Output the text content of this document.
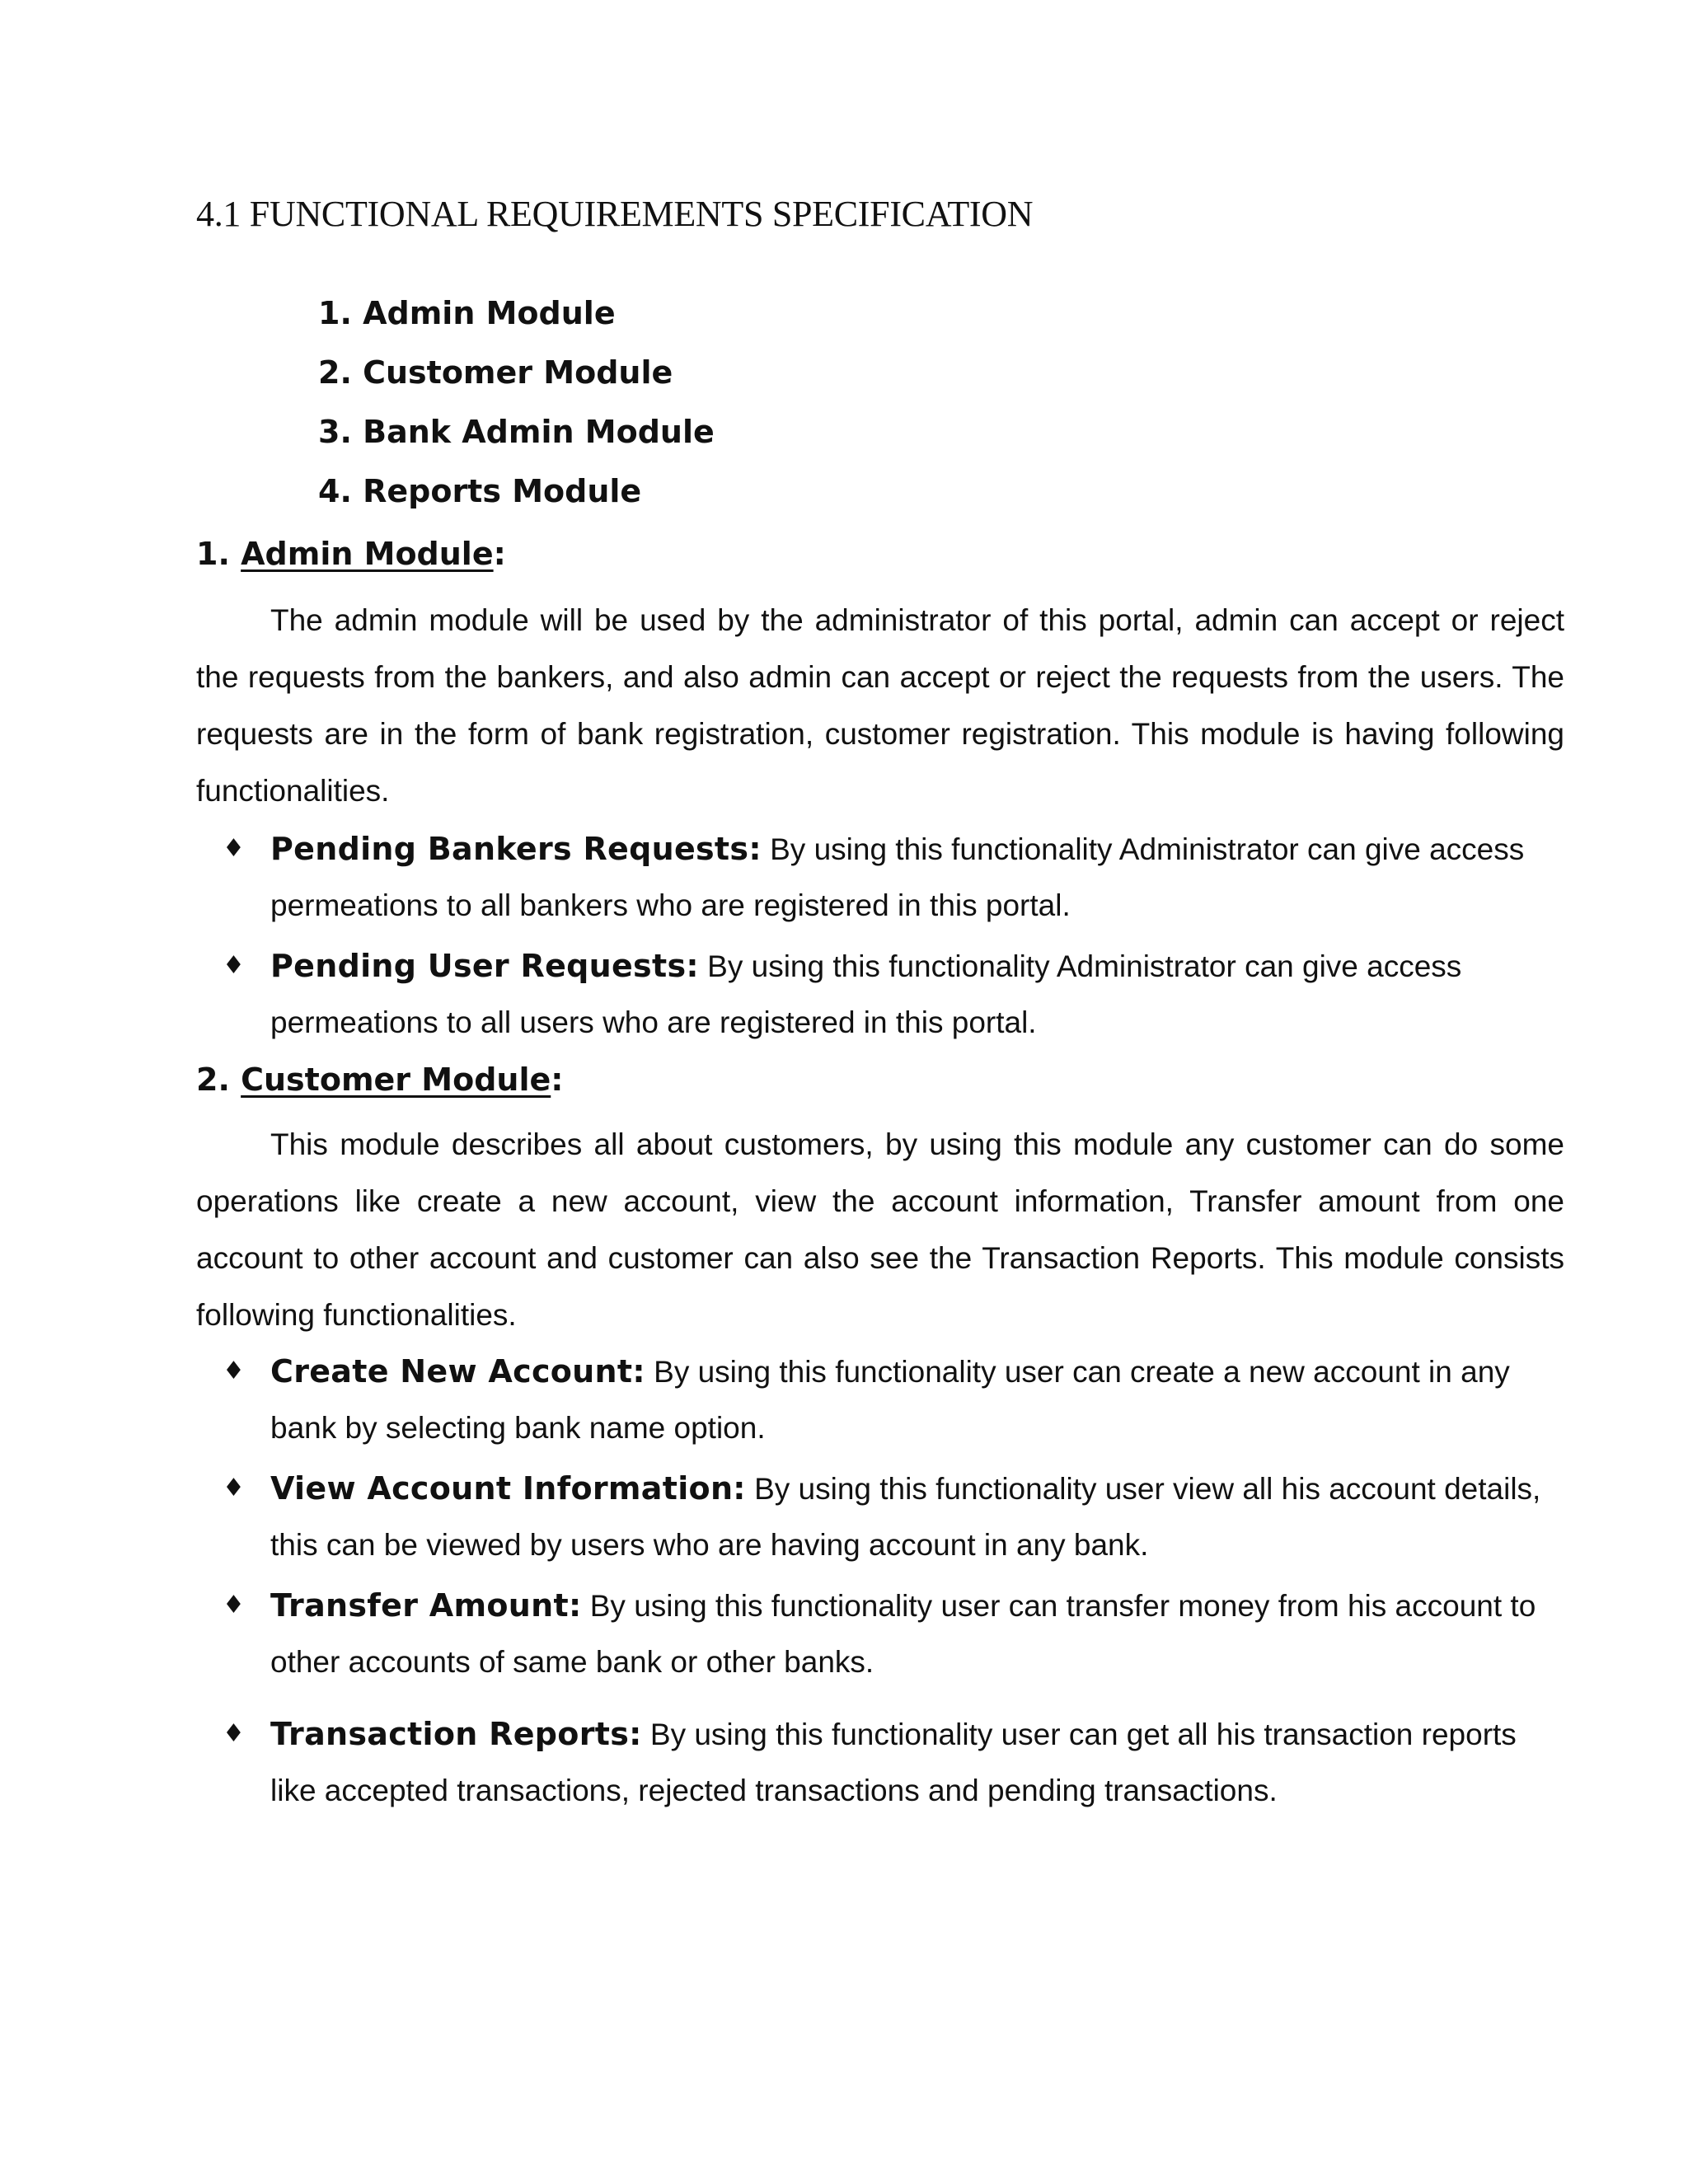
4.1 FUNCTIONAL REQUIREMENTS SPECIFICATION
1. Admin Module
2. Customer Module
3. Bank Admin Module
4. Reports Module
1. Admin Module:

The admin module will be used by the administrator of this portal, admin can accept or reject the requests from the bankers, and also admin can accept or reject the requests from the users. The requests are in the form of bank registration, customer registration. This module is having following functionalities.

♦ Pending Bankers Requests: By using this functionality Administrator can give access permeations to all bankers who are registered in this portal.
♦ Pending User Requests: By using this functionality Administrator can give access permeations to all users who are registered in this portal.
2. Customer Module:

This module describes all about customers, by using this module any customer can do some operations like create a new account, view the account information, Transfer amount from one account to other account and customer can also see the Transaction Reports. This module consists following functionalities.

♦ Create New Account: By using this functionality user can create a new account in any bank by selecting bank name option.
♦ View Account Information: By using this functionality user view all his account details, this can be viewed by users who are having account in any bank.
♦ Transfer Amount: By using this functionality user can transfer money from his account to other accounts of same bank or other banks.
♦ Transaction Reports: By using this functionality user can get all his transaction reports like accepted transactions, rejected transactions and pending transactions.
